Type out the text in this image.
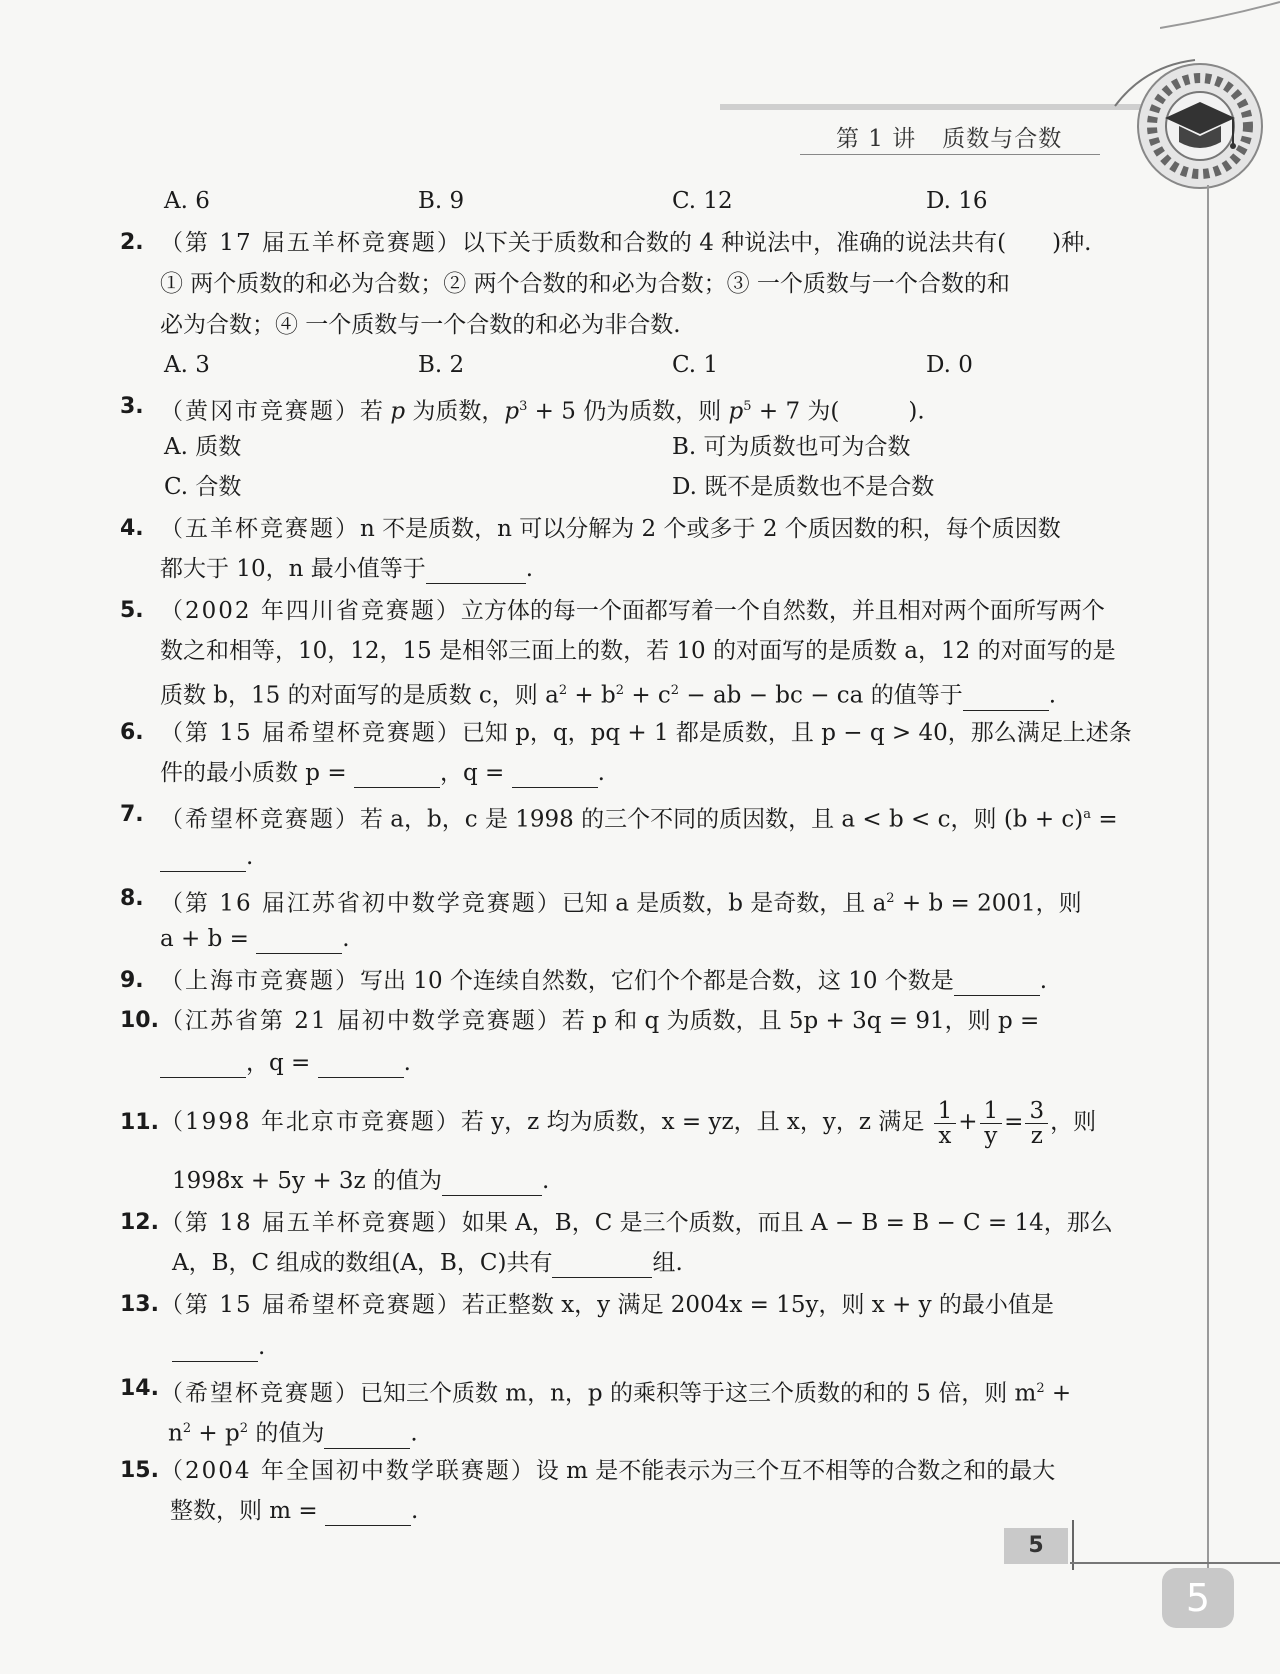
第 1 讲 质数与合数
A. 6	B. 9	C. 12	D. 16
2. （第 17 届五羊杯竞赛题）以下关于质数和合数的 4 种说法中，准确的说法共有(　　)种.
① 两个质数的和必为合数；② 两个合数的和必为合数；③ 一个质数与一个合数的和
必为合数；④ 一个质数与一个合数的和必为非合数.
A. 3	B. 2	C. 1	D. 0
3. （黄冈市竞赛题）若 p 为质数，$p^3 + 5$ 仍为质数，则 $p^5 + 7$ 为(　　　).
A. 质数	B. 可为质数也可为合数
C. 合数	D. 既不是质数也不是合数
4. （五羊杯竞赛题）n 不是质数，n 可以分解为 2 个或多于 2 个质因数的积，每个质因数
都大于 10，n 最小值等于	.
5. （2002 年四川省竞赛题）立方体的每一个面都写着一个自然数，并且相对两个面所写两个
数之和相等，10，12，15 是相邻三面上的数，若 10 的对面写的是质数 a，12 的对面写的是
质数 b，15 的对面写的是质数 c，则 $a^2 + b^2 + c^2$ − ab − bc − ca 的值等于	.
6. （第 15 届希望杯竞赛题）已知 p，q，pq + 1 都是质数，且 p − q > 40，那么满足上述条
件的最小质数 p =	，q =	.
7. （希望杯竞赛题）若 a，b，c 是 1998 的三个不同的质因数，且 a < b < c，则 $(b + c)^a$ =
.
8. （第 16 届江苏省初中数学竞赛题）已知 a 是质数，b 是奇数，且 $a^2 + b = 2001$，则
a + b =	.
9. （上海市竞赛题）写出 10 个连续自然数，它们个个都是合数，这 10 个数是	.
10. （江苏省第 21 届初中数学竞赛题）若 p 和 q 为质数，且 5p + 3q = 91，则 p =
，q =	.
11. （1998 年北京市竞赛题）若 y，z 均为质数，x = yz，且 x，y，z 满足 $\frac{1}{x} + \frac{1}{y} = \frac{3}{z}$ ，则
1998x + 5y + 3z 的值为	.
12. （第 18 届五羊杯竞赛题）如果 A，B，C 是三个质数，而且 A − B = B − C = 14，那么
A，B，C 组成的数组(A，B，C)共有	组.
13. （第 15 届希望杯竞赛题）若正整数 x，y 满足 2004x = 15y，则 x + y 的最小值是
.
14. （希望杯竞赛题）已知三个质数 m，n，p 的乘积等于这三个质数的和的 5 倍，则 $m^2$ +
$n^2 + p^2$ 的值为	.
15. （2004 年全国初中数学联赛题）设 m 是不能表示为三个互不相等的合数之和的最大
整数，则 m =	.
5
5
